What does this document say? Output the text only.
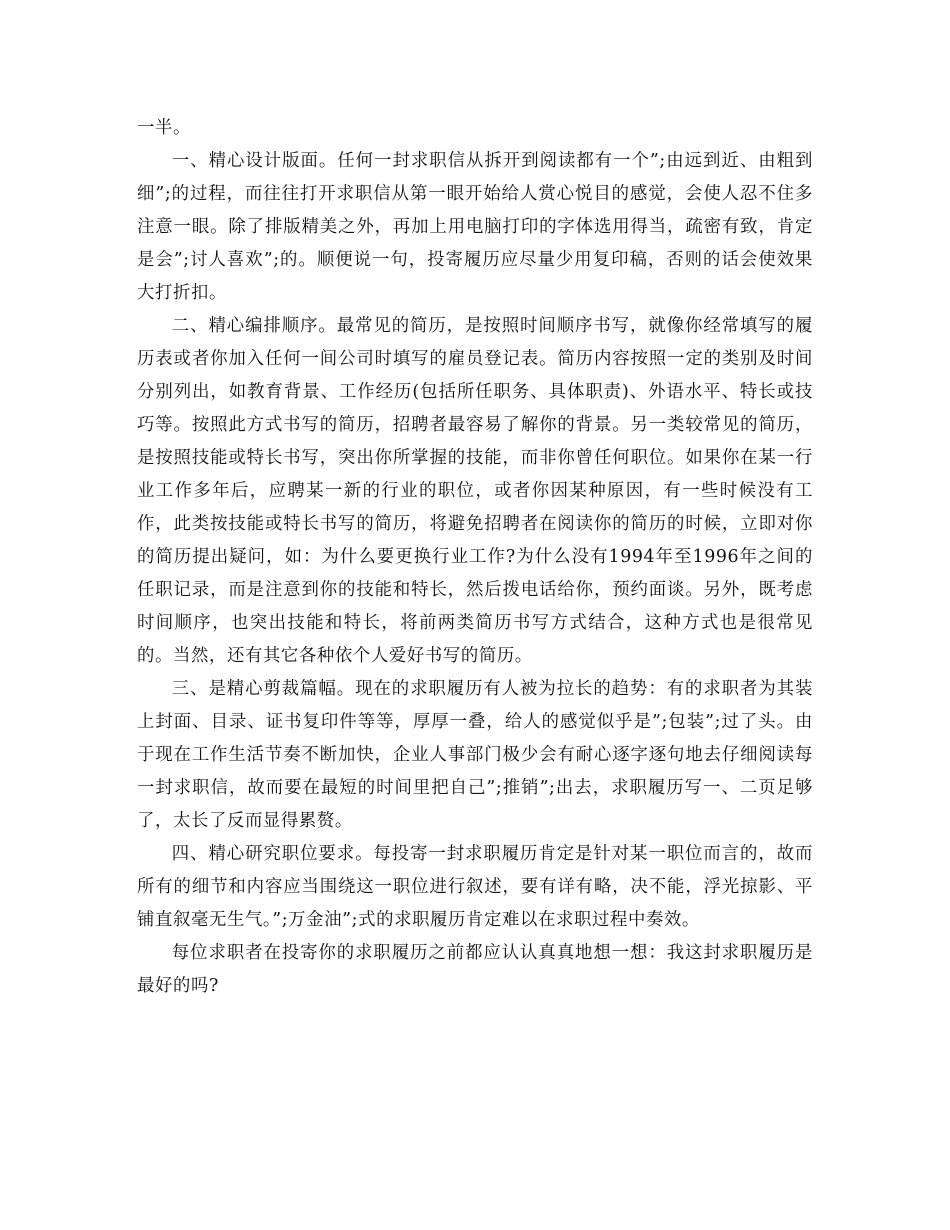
一半。

一、精心设计版面。任何一封求职信从拆开到阅读都有一个”;由远到近、由粗到细”;的过程，而往往打开求职信从第一眼开始给人赏心悦目的感觉，会使人忍不住多注意一眼。除了排版精美之外，再加上用电脑打印的字体选用得当，疏密有致，肯定是会”;讨人喜欢”;的。顺便说一句，投寄履历应尽量少用复印稿，否则的话会使效果大打折扣。

二、精心编排顺序。最常见的简历，是按照时间顺序书写，就像你经常填写的履历表或者你加入任何一间公司时填写的雇员登记表。简历内容按照一定的类别及时间分别列出，如教育背景、工作经历(包括所任职务、具体职责)、外语水平、特长或技巧等。按照此方式书写的简历，招聘者最容易了解你的背景。另一类较常见的简历，是按照技能或特长书写，突出你所掌握的技能，而非你曾任何职位。如果你在某一行业工作多年后，应聘某一新的行业的职位，或者你因某种原因，有一些时候没有工作，此类按技能或特长书写的简历，将避免招聘者在阅读你的简历的时候，立即对你的简历提出疑问，如：为什么要更换行业工作?为什么没有1994年至1996年之间的任职记录，而是注意到你的技能和特长，然后拨电话给你，预约面谈。另外，既考虑时间顺序，也突出技能和特长，将前两类简历书写方式结合，这种方式也是很常见的。当然，还有其它各种依个人爱好书写的简历。

三、是精心剪裁篇幅。现在的求职履历有人被为拉长的趋势：有的求职者为其装上封面、目录、证书复印件等等，厚厚一叠，给人的感觉似乎是”;包装”;过了头。由于现在工作生活节奏不断加快，企业人事部门极少会有耐心逐字逐句地去仔细阅读每一封求职信，故而要在最短的时间里把自己”;推销”;出去，求职履历写一、二页足够了，太长了反而显得累赘。

四、精心研究职位要求。每投寄一封求职履历肯定是针对某一职位而言的，故而所有的细节和内容应当围绕这一职位进行叙述，要有详有略，决不能，浮光掠影、平铺直叙毫无生气。”;万金油”;式的求职履历肯定难以在求职过程中奏效。

每位求职者在投寄你的求职履历之前都应认认真真地想一想：我这封求职履历是最好的吗?
